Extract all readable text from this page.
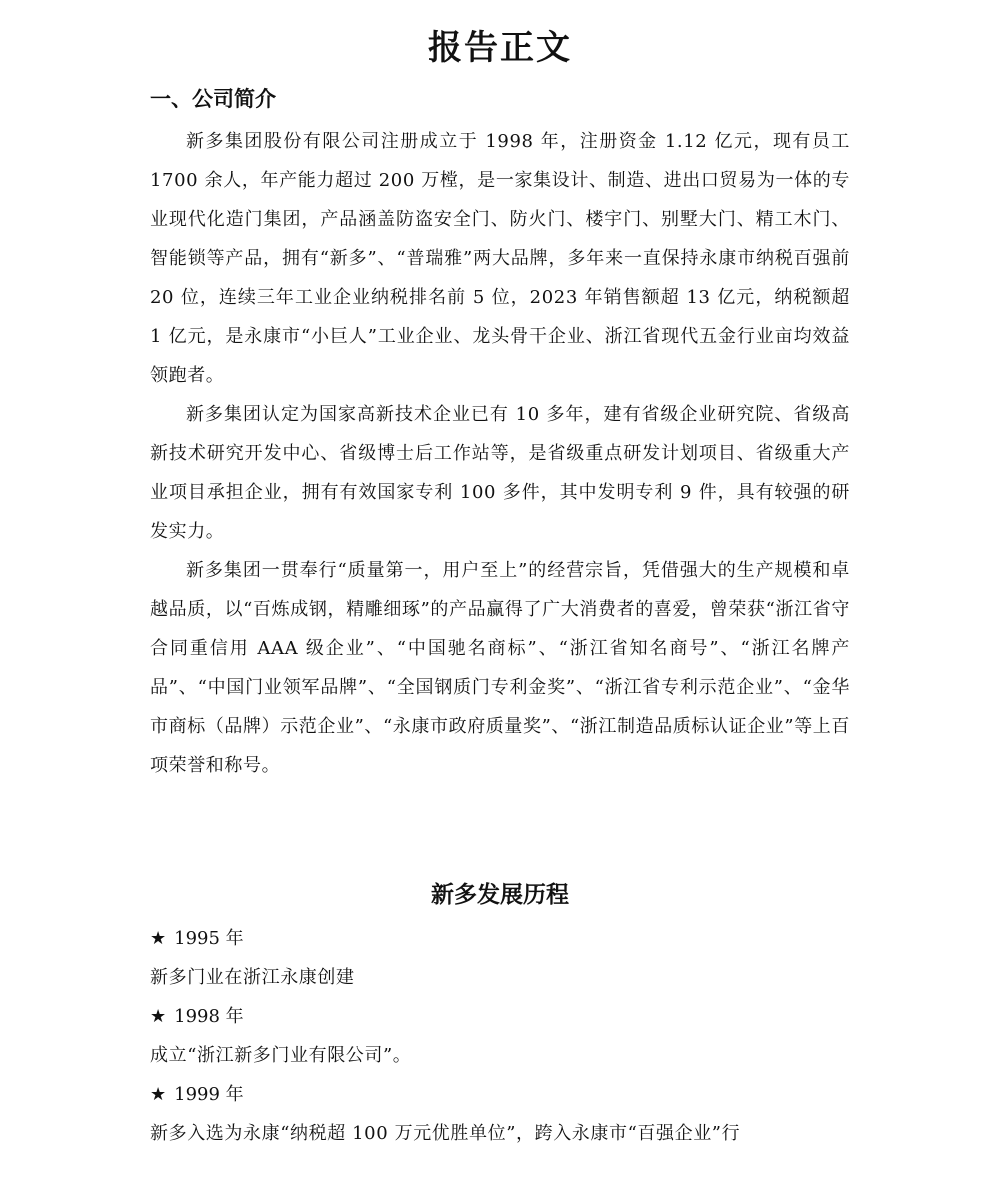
报告正文
一、公司简介

新多集团股份有限公司注册成立于 1998 年，注册资金 1.12 亿元，现有员工 1700 余人，年产能力超过 200 万樘，是一家集设计、制造、进出口贸易为一体的专业现代化造门集团，产品涵盖防盗安全门、防火门、楼宇门、别墅大门、精工木门、智能锁等产品，拥有“新多”、“普瑞雅”两大品牌，多年来一直保持永康市纳税百强前 20 位，连续三年工业企业纳税排名前 5 位，2023 年销售额超 13 亿元，纳税额超 1 亿元，是永康市“小巨人”工业企业、龙头骨干企业、浙江省现代五金行业亩均效益领跑者。

新多集团认定为国家高新技术企业已有 10 多年，建有省级企业研究院、省级高新技术研究开发中心、省级博士后工作站等，是省级重点研发计划项目、省级重大产业项目承担企业，拥有有效国家专利 100 多件，其中发明专利 9 件，具有较强的研发实力。

新多集团一贯奉行“质量第一，用户至上”的经营宗旨，凭借强大的生产规模和卓越品质，以“百炼成钢，精雕细琢”的产品赢得了广大消费者的喜爱，曾荣获“浙江省守合同重信用 AAA 级企业”、“中国驰名商标”、“浙江省知名商号”、“浙江名牌产品”、“中国门业领军品牌”、“全国钢质门专利金奖”、“浙江省专利示范企业”、“金华市商标（品牌）示范企业”、“永康市政府质量奖”、“浙江制造品质标认证企业”等上百项荣誉和称号。

新多发展历程

★ 1995 年

新多门业在浙江永康创建

★ 1998 年

成立“浙江新多门业有限公司”。

★ 1999 年

新多入选为永康“纳税超 100 万元优胜单位”，跨入永康市“百强企业”行
